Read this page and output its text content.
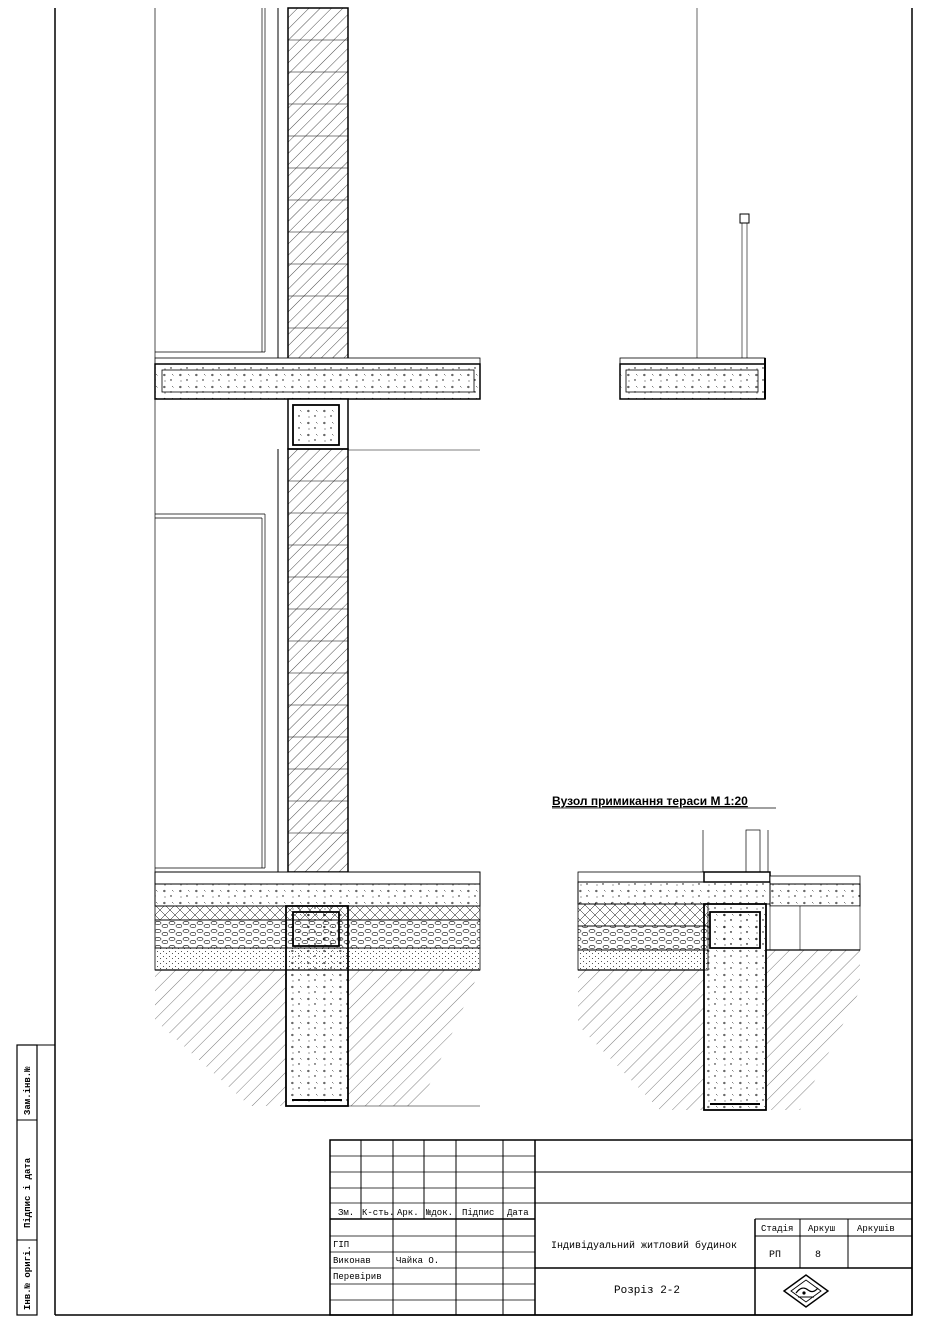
Інв.№ оригі.
Підпис і дата
Зам.інв.№
Вузол примикання тераси М 1:20
Зм. К-сть. Арк. №док. Підпис Дата
ГІП
Виконав
Перевірив
Чайка О.
Індивідуальний житловий будинок
Стадія Аркуш Аркушів
РП	8
Розріз 2-2
